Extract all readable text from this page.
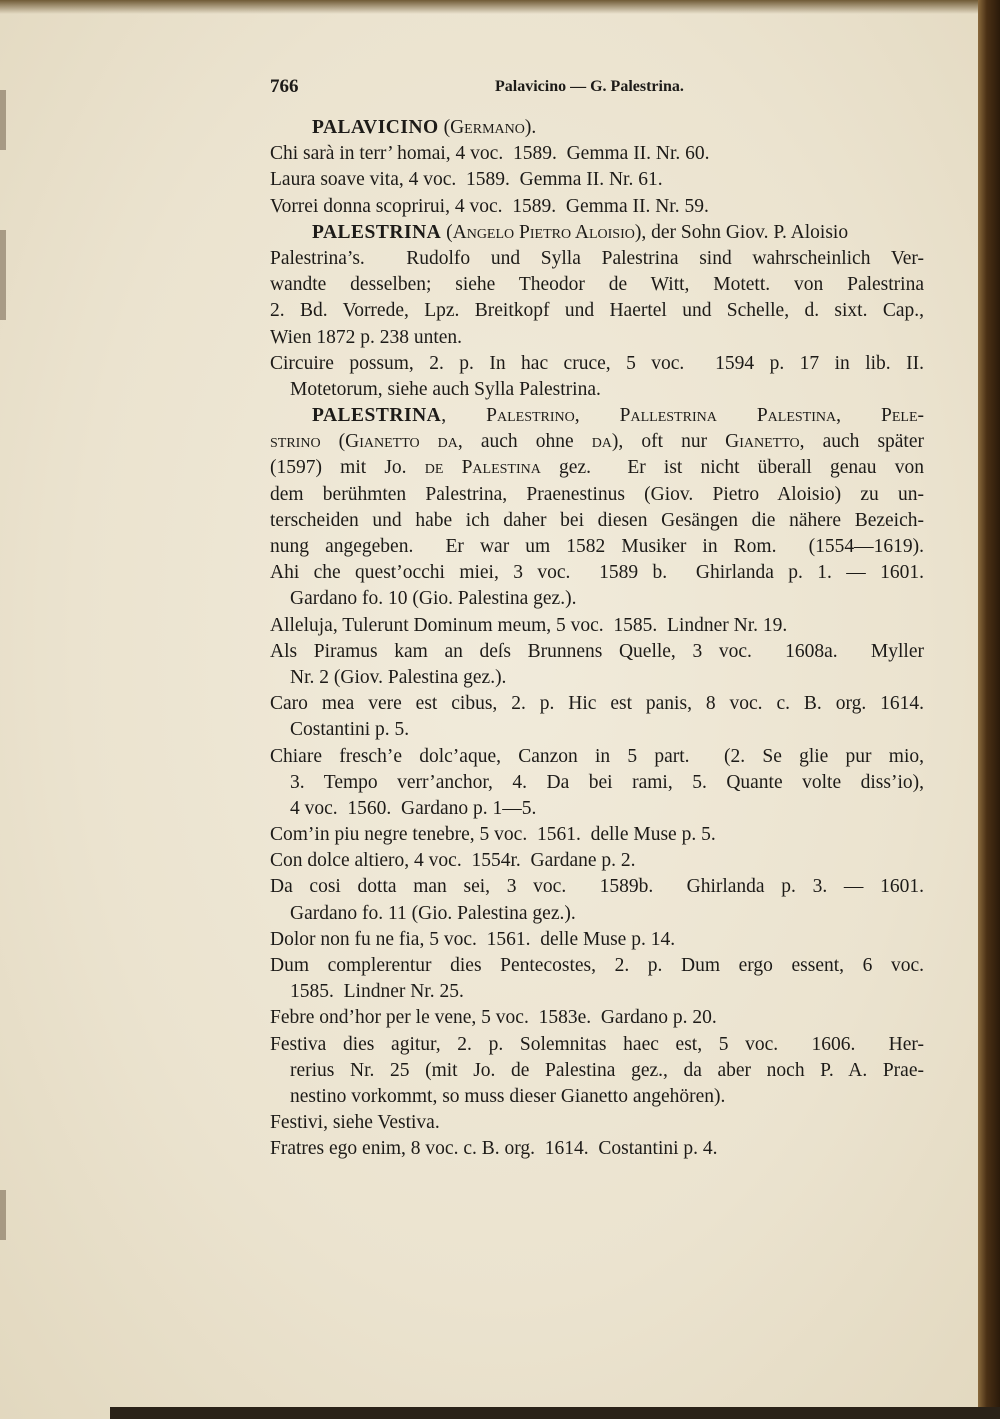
766	Palavicino — G. Palestrina.
PALAVICINO (Germano).
Chi sarà in terr’ homai, 4 voc.  1589.  Gemma II. Nr. 60.
Laura soave vita, 4 voc.  1589.  Gemma II. Nr. 61.
Vorrei donna scoprirui, 4 voc.  1589.  Gemma II. Nr. 59.
PALESTRINA (Angelo Pietro Aloisio), der Sohn Giov. P. Aloisio
Palestrina’s.  Rudolfo und Sylla Palestrina sind wahrscheinlich Ver-
wandte desselben; siehe Theodor de Witt, Motett. von Palestrina
2. Bd. Vorrede, Lpz. Breitkopf und Haertel und Schelle, d. sixt. Cap.,
Wien 1872 p. 238 unten.
Circuire possum, 2. p. In hac cruce, 5 voc.  1594 p. 17 in lib. II.
Motetorum, siehe auch Sylla Palestrina.
PALESTRINA, Palestrino, Pallestrina Palestina, Pele-
strino (Gianetto da, auch ohne da), oft nur Gianetto, auch später
(1597) mit Jo. de Palestina gez.  Er ist nicht überall genau von
dem berühmten Palestrina, Praenestinus (Giov. Pietro Aloisio) zu un-
terscheiden und habe ich daher bei diesen Gesängen die nähere Bezeich-
nung angegeben.  Er war um 1582 Musiker in Rom.  (1554—1619).
Ahi che quest’occhi miei, 3 voc.  1589 b.  Ghirlanda p. 1. — 1601.
Gardano fo. 10 (Gio. Palestina gez.).
Alleluja, Tulerunt Dominum meum, 5 voc.  1585.  Lindner Nr. 19.
Als Piramus kam an deſs Brunnens Quelle, 3 voc.  1608a.  Myller
Nr. 2 (Giov. Palestina gez.).
Caro mea vere est cibus, 2. p. Hic est panis, 8 voc. c. B. org. 1614.
Costantini p. 5.
Chiare fresch’e dolc’aque, Canzon in 5 part.  (2. Se glie pur mio,
3. Tempo verr’anchor, 4. Da bei rami, 5. Quante volte diss’io),
4 voc.  1560.  Gardano p. 1—5.
Com’in piu negre tenebre, 5 voc.  1561.  delle Muse p. 5.
Con dolce altiero, 4 voc.  1554r.  Gardane p. 2.
Da cosi dotta man sei, 3 voc.  1589b.  Ghirlanda p. 3. — 1601.
Gardano fo. 11 (Gio. Palestina gez.).
Dolor non fu ne fia, 5 voc.  1561.  delle Muse p. 14.
Dum complerentur dies Pentecostes, 2. p. Dum ergo essent, 6 voc.
1585.  Lindner Nr. 25.
Febre ond’hor per le vene, 5 voc.  1583e.  Gardano p. 20.
Festiva dies agitur, 2. p. Solemnitas haec est, 5 voc.  1606.  Her-
rerius Nr. 25 (mit Jo. de Palestina gez., da aber noch P. A. Prae-
nestino vorkommt, so muss dieser Gianetto angehören).
Festivi, siehe Vestiva.
Fratres ego enim, 8 voc. c. B. org.  1614.  Costantini p. 4.
